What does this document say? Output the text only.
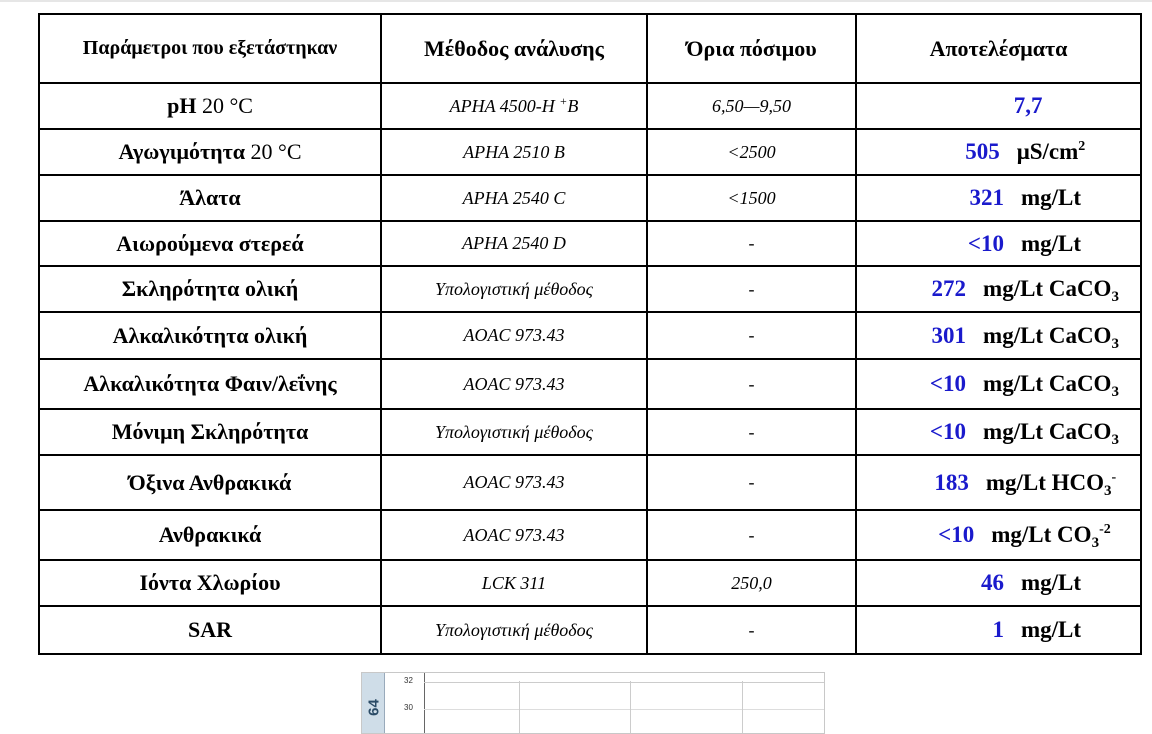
Παράμετροι που εξετάστηκαν	Μέθοδος ανάλυσης	Όρια πόσιμου	Αποτελέσματα
pH 20 °C	APHA 4500-H +B	6,50—9,50	7,7
Αγωγιμότητα 20 °C	APHA 2510 B	<2500	505 $\mu S/cm^2$
Άλατα	APHA 2540 C	<1500	321 mg/Lt
Αιωρούμενα στερεά	APHA 2540 D	-	<10 mg/Lt
Σκληρότητα ολική	Υπολογιστική μέθοδος	-	272 mg/Lt CaCO$_3$
Αλκαλικότητα ολική	AOAC 973.43	-	301 mg/Lt CaCO$_3$
Αλκαλικότητα Φαιν/λεΐνης	AOAC 973.43	-	<10 mg/Lt CaCO$_3$
Μόνιμη Σκληρότητα	Υπολογιστική μέθοδος	-	<10 mg/Lt CaCO$_3$
Όξινα Ανθρακικά	AOAC 973.43	-	183 mg/Lt $HCO_3^-$
Ανθρακικά	AOAC 973.43	-	<10 mg/Lt $CO_3^{-2}$
Ιόντα Χλωρίου	LCK 311	250,0	46 mg/Lt
SAR	Υπολογιστική μέθοδος	-	1 mg/Lt
64
32
30
